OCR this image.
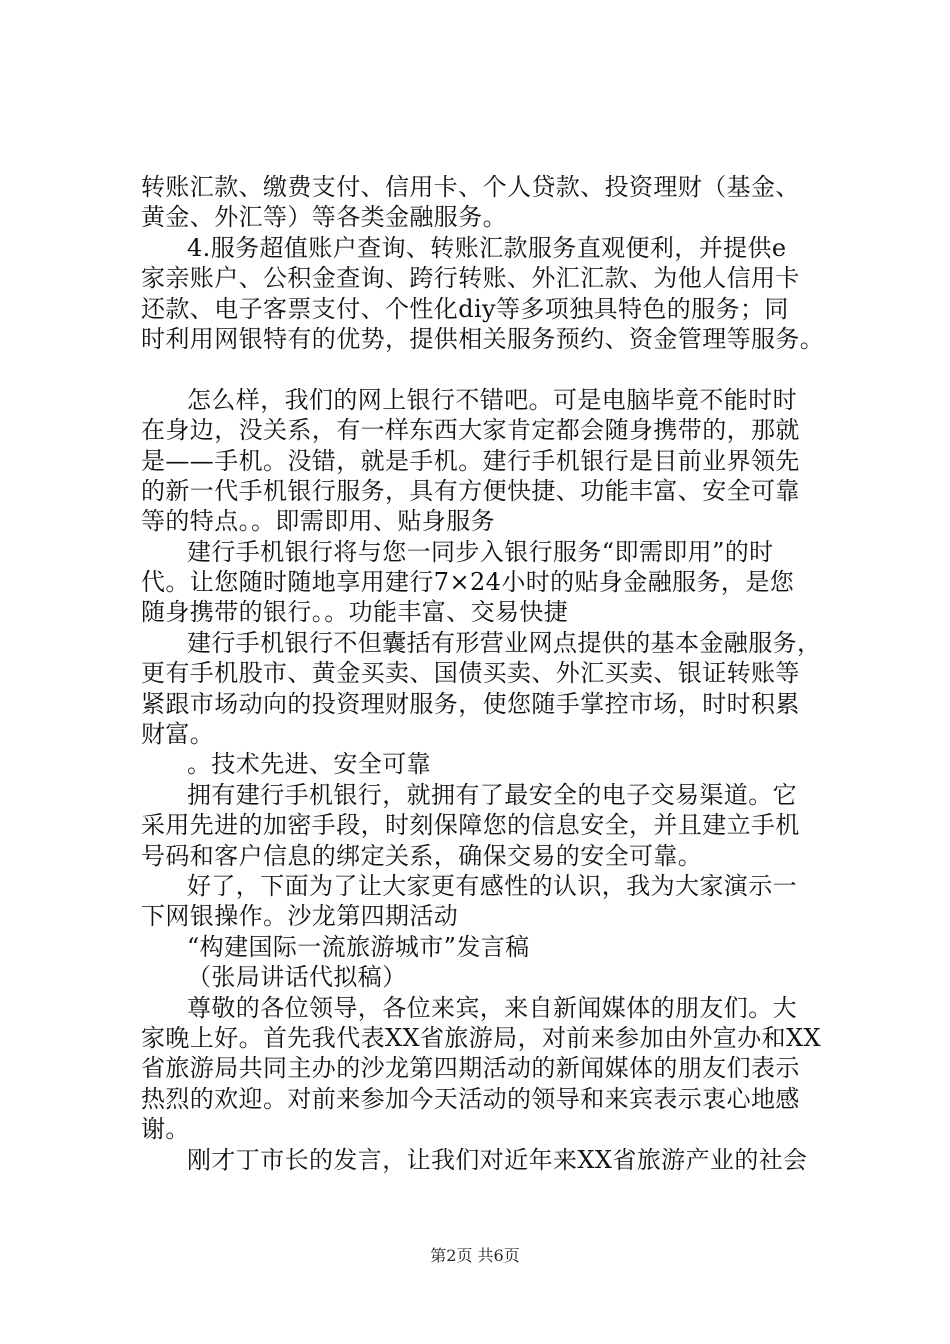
转账汇款、缴费支付、信用卡、个人贷款、投资理财（基金、
黄金、外汇等）等各类金融服务。
4.服务超值账户查询、转账汇款服务直观便利，并提供e
家亲账户、公积金查询、跨行转账、外汇汇款、为他人信用卡
还款、电子客票支付、个性化diy等多项独具特色的服务；同
时利用网银特有的优势，提供相关服务预约、资金管理等服务。
怎么样，我们的网上银行不错吧。可是电脑毕竟不能时时
在身边，没关系，有一样东西大家肯定都会随身携带的，那就
是——手机。没错，就是手机。建行手机银行是目前业界领先
的新一代手机银行服务，具有方便快捷、功能丰富、安全可靠
等的特点。。即需即用、贴身服务
建行手机银行将与您一同步入银行服务“即需即用”的时
代。让您随时随地享用建行7×24小时的贴身金融服务，是您
随身携带的银行。。功能丰富、交易快捷
建行手机银行不但囊括有形营业网点提供的基本金融服务，
更有手机股市、黄金买卖、国债买卖、外汇买卖、银证转账等
紧跟市场动向的投资理财服务，使您随手掌控市场，时时积累
财富。
。技术先进、安全可靠
拥有建行手机银行，就拥有了最安全的电子交易渠道。它
采用先进的加密手段，时刻保障您的信息安全，并且建立手机
号码和客户信息的绑定关系，确保交易的安全可靠。
好了，下面为了让大家更有感性的认识，我为大家演示一
下网银操作。沙龙第四期活动
“构建国际一流旅游城市”发言稿
（张局讲话代拟稿）
尊敬的各位领导，各位来宾，来自新闻媒体的朋友们。大
家晚上好。首先我代表XX省旅游局，对前来参加由外宣办和XX
省旅游局共同主办的沙龙第四期活动的新闻媒体的朋友们表示
热烈的欢迎。对前来参加今天活动的领导和来宾表示衷心地感
谢。
刚才丁市长的发言，让我们对近年来XX省旅游产业的社会
第2页 共6页
